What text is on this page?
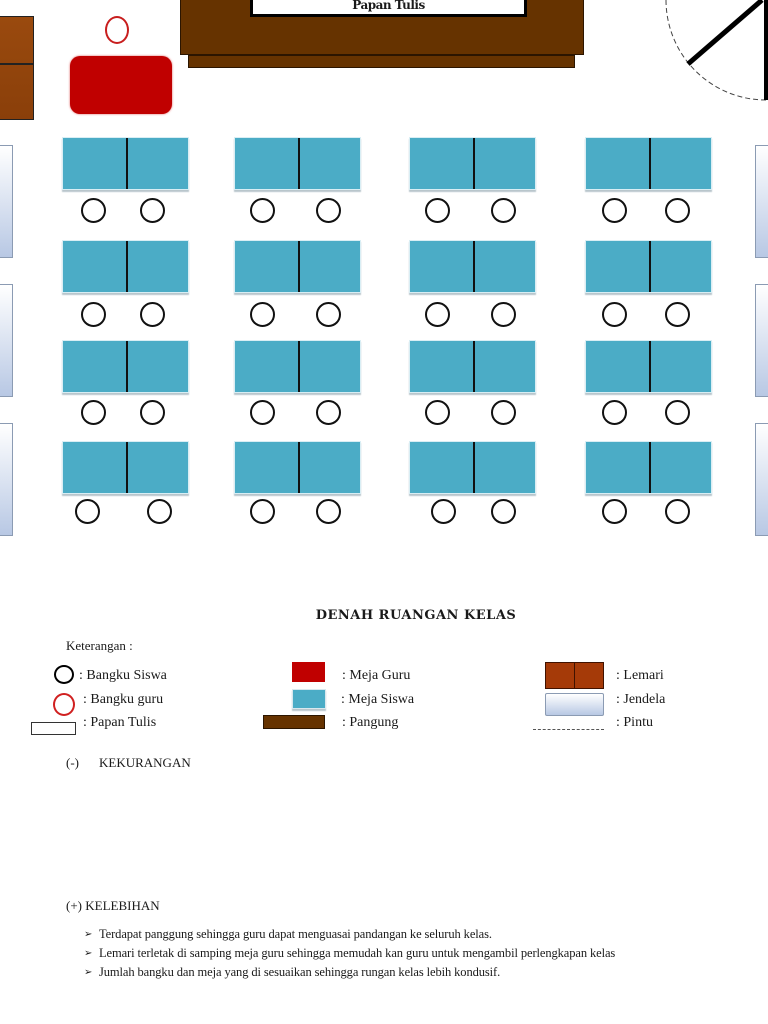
Papan Tulis
DENAH RUANGAN KELAS
Keterangan :
: Bangku Siswa
: Bangku guru
: Papan Tulis
: Meja Guru
: Meja Siswa
: Pangung
: Lemari
: Jendela
: Pintu
(-) KEKURANGAN
(+) KELEBIHAN
➢ Terdapat panggung sehingga guru dapat menguasai pandangan ke seluruh kelas.
➢ Lemari terletak di samping meja guru sehingga memudah kan guru untuk mengambil perlengkapan kelas
➢ Jumlah bangku dan meja yang di sesuaikan sehingga rungan kelas lebih kondusif.
